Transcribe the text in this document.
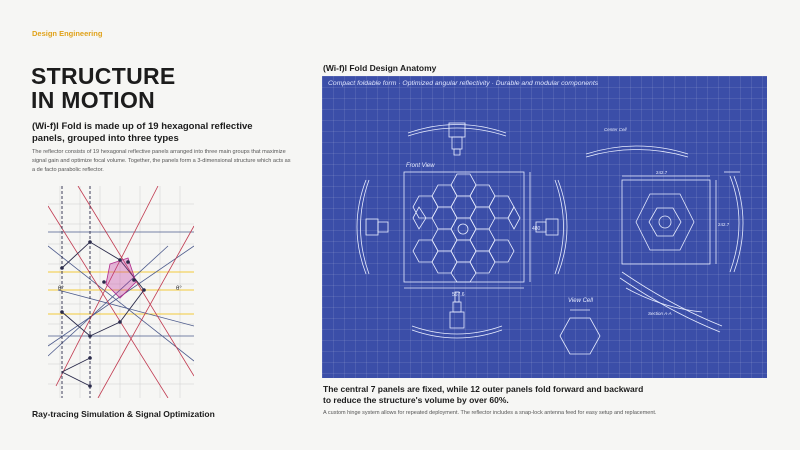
Design Engineering
STRUCTURE
IN MOTION
(Wi-f)l Fold is made up of 19 hexagonal reflective panels, grouped into three types
The reflector consists of 19 hexagonal reflective panels arranged into three main groups that maximize signal gain and optimize focal volume. Together, the panels form a 3-dimensional structure which acts as a de facto parabolic reflector.
θ°	θ°
Ray-tracing Simulation & Signal Optimization
(Wi-f)l Fold Design Anatomy
Compact foldable form · Optimized angular reflectivity · Durable and modular components
Front View
View Cell
Center Cell
Section A-A
567.6
480
242.7
242.7
The central 7 panels are fixed, while 12 outer panels fold forward and backward to reduce the structure's volume by over 60%.
A custom hinge system allows for repeated deployment. The reflector includes a snap-lock antenna feed for easy setup and replacement.
